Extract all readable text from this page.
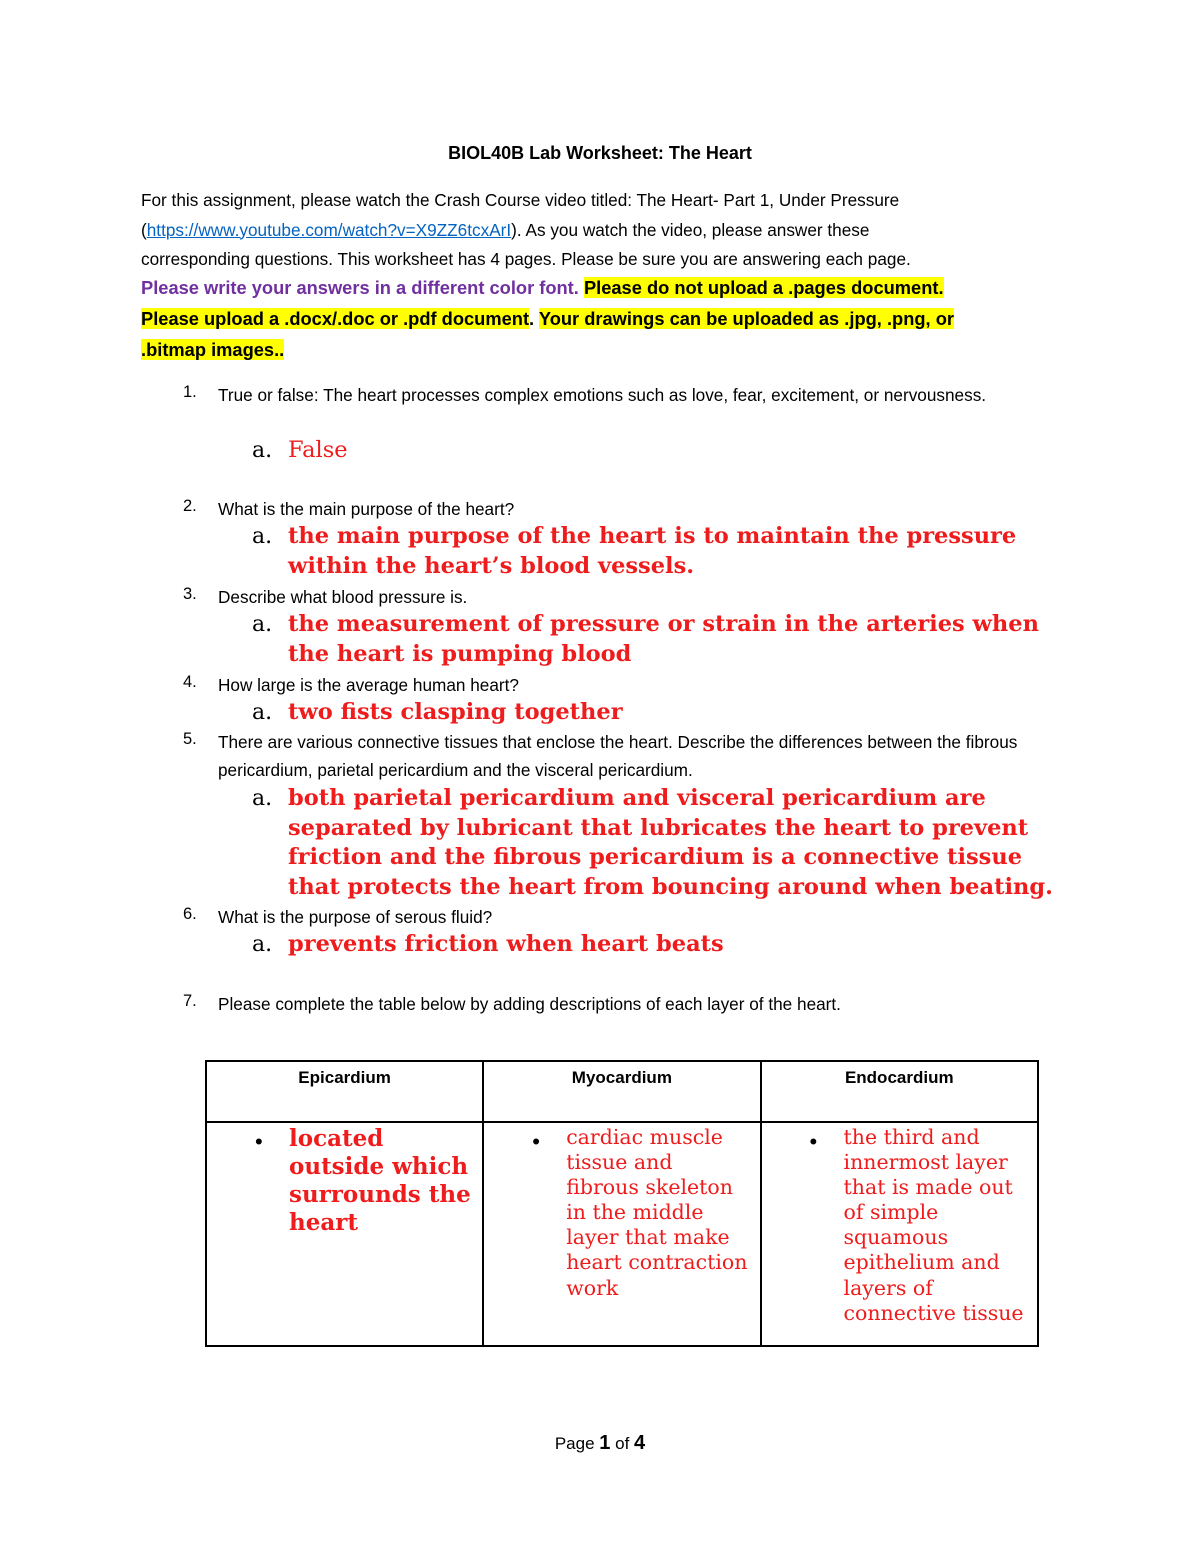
BIOL40B Lab Worksheet: The Heart
For this assignment, please watch the Crash Course video titled: The Heart- Part 1, Under Pressure
(https://www.youtube.com/watch?v=X9ZZ6tcxArI). As you watch the video, please answer these
corresponding questions. This worksheet has 4 pages. Please be sure you are answering each page.
Please write your answers in a different color font. Please do not upload a .pages document.
Please upload a .docx/.doc or .pdf document. Your drawings can be uploaded as .jpg, .png, or
.bitmap images..
1. True or false: The heart processes complex emotions such as love, fear, excitement, or nervousness.
a. False
2. What is the main purpose of the heart?
a. the main purpose of the heart is to maintain the pressure within the heart’s blood vessels.
3. Describe what blood pressure is.
a. the measurement of pressure or strain in the arteries when the heart is pumping blood
4. How large is the average human heart?
a. two fists clasping together
5. There are various connective tissues that enclose the heart. Describe the differences between the fibrous pericardium, parietal pericardium and the visceral pericardium.
a. both parietal pericardium and visceral pericardium are separated by lubricant that lubricates the heart to prevent friction and the fibrous pericardium is a connective tissue that protects the heart from bouncing around when beating.
6. What is the purpose of serous fluid?
a. prevents friction when heart beats
7. Please complete the table below by adding descriptions of each layer of the heart.
Epicardium	Myocardium	Endocardium

• located outside which surrounds the heart	• cardiac muscle tissue and fibrous skeleton in the middle layer that make heart contraction work	• the third and innermost layer that is made out of simple squamous epithelium and layers of connective tissue
Page 1 of 4
